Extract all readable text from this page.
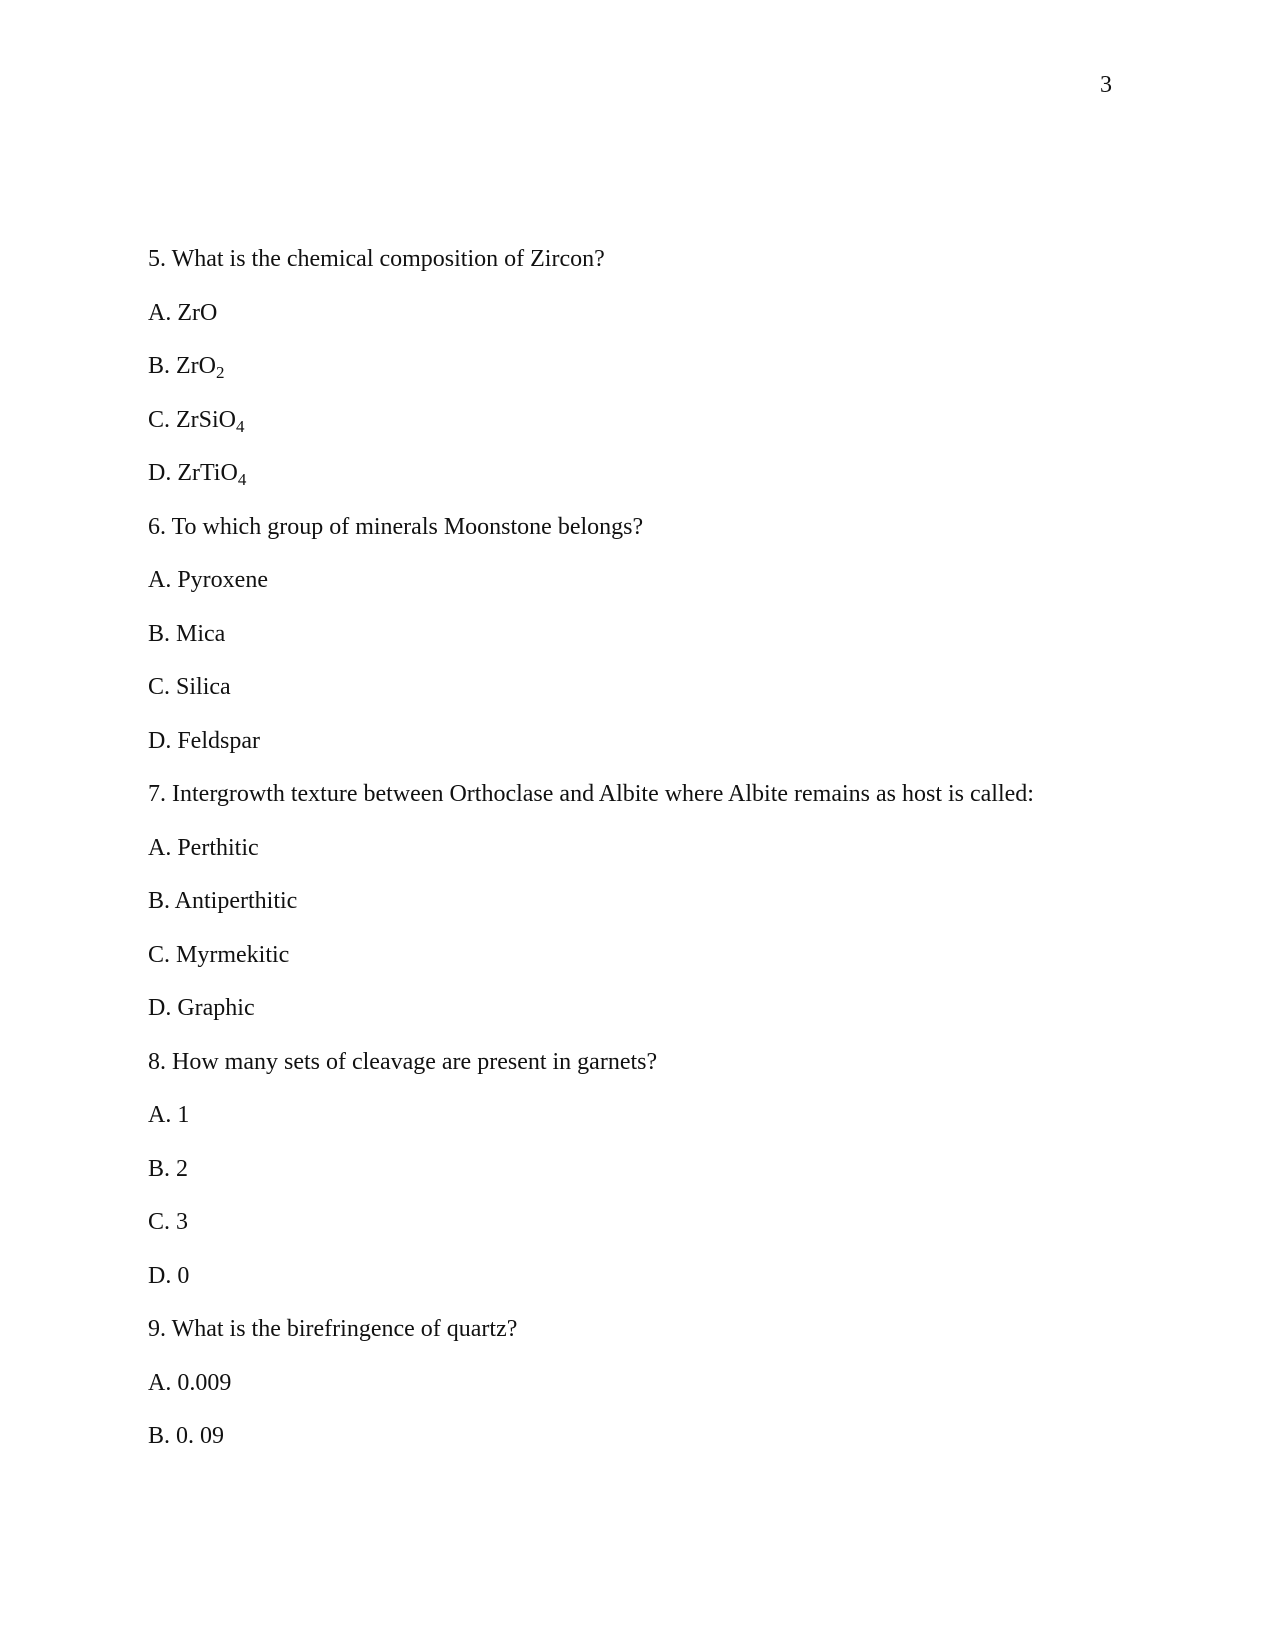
3
5. What is the chemical composition of Zircon?
A. ZrO
B. ZrO$_2$
C. ZrSiO$_4$
D. ZrTiO$_4$
6. To which group of minerals Moonstone belongs?
A. Pyroxene
B. Mica
C. Silica
D. Feldspar
7. Intergrowth texture between Orthoclase and Albite where Albite remains as host is called:
A. Perthitic
B. Antiperthitic
C. Myrmekitic
D. Graphic
8. How many sets of cleavage are present in garnets?
A. 1
B. 2
C. 3
D. 0
9. What is the birefringence of quartz?
A. 0.009
B. 0. 09
